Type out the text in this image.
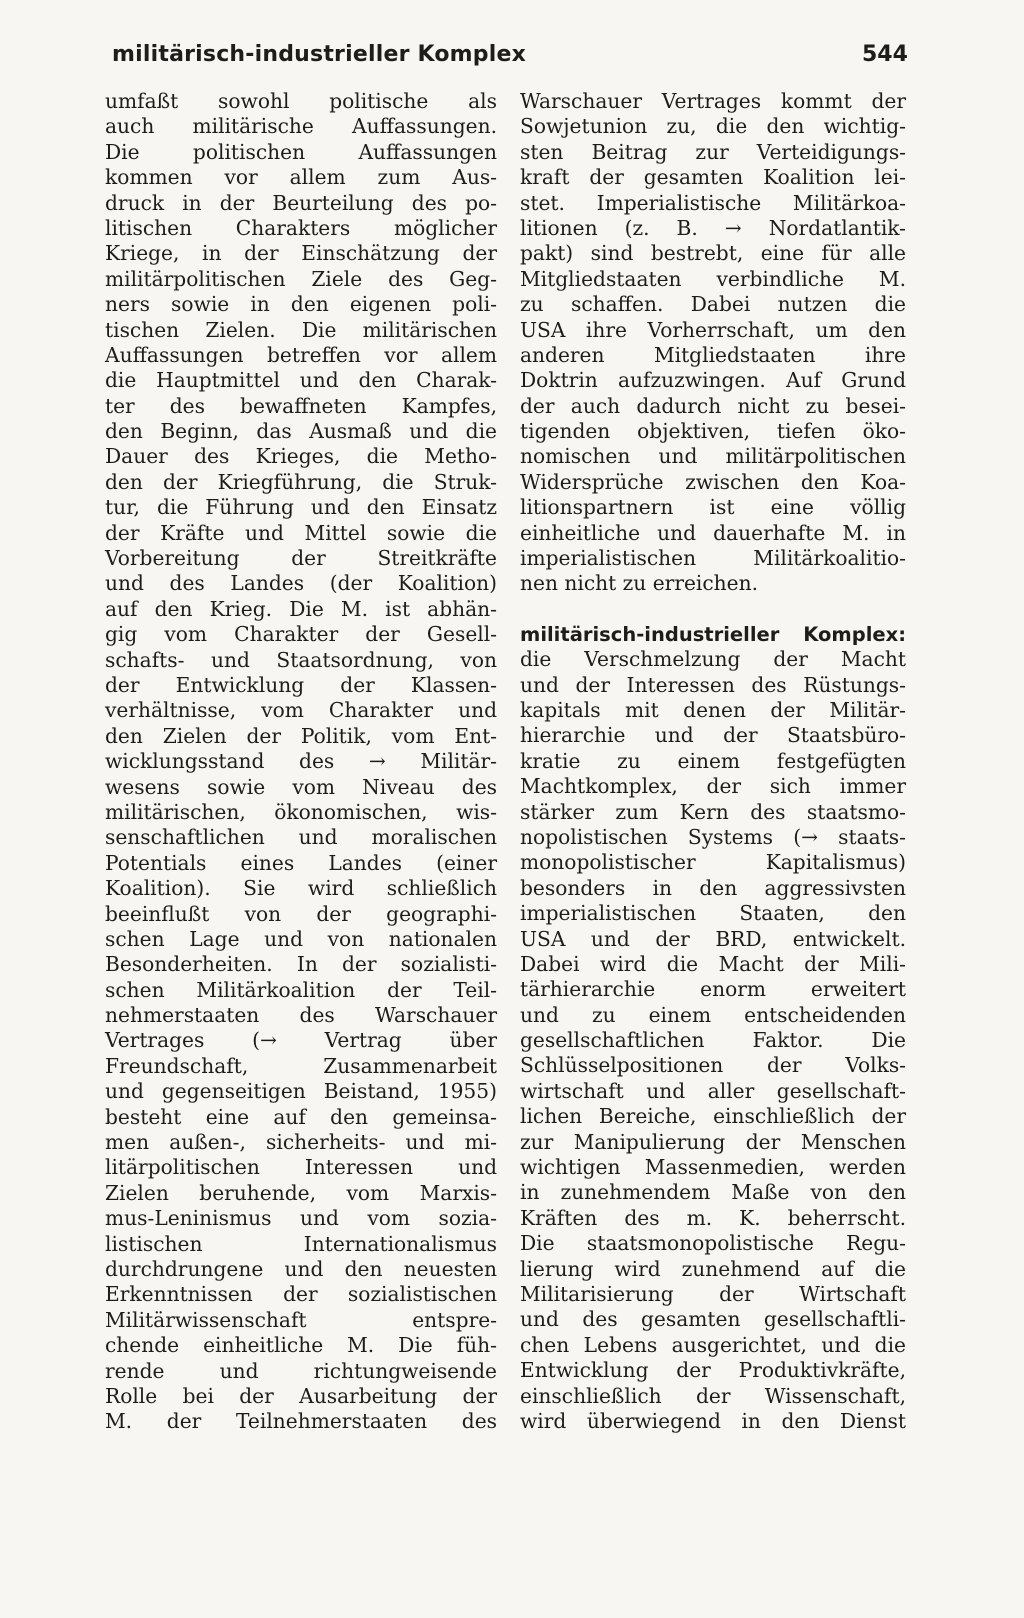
militärisch-industrieller Komplex	544
umfaßt sowohl politische als
auch militärische Auffassungen.
Die politischen Auffassungen
kommen vor allem zum Aus-
druck in der Beurteilung des po-
litischen Charakters möglicher
Kriege, in der Einschätzung der
militärpolitischen Ziele des Geg-
ners sowie in den eigenen poli-
tischen Zielen. Die militärischen
Auffassungen betreffen vor allem
die Hauptmittel und den Charak-
ter des bewaffneten Kampfes,
den Beginn, das Ausmaß und die
Dauer des Krieges, die Metho-
den der Kriegführung, die Struk-
tur, die Führung und den Einsatz
der Kräfte und Mittel sowie die
Vorbereitung der Streitkräfte
und des Landes (der Koalition)
auf den Krieg. Die M. ist abhän-
gig vom Charakter der Gesell-
schafts- und Staatsordnung, von
der Entwicklung der Klassen-
verhältnisse, vom Charakter und
den Zielen der Politik, vom Ent-
wicklungsstand des → Militär-
wesens sowie vom Niveau des
militärischen, ökonomischen, wis-
senschaftlichen und moralischen
Potentials eines Landes (einer
Koalition). Sie wird schließlich
beeinflußt von der geographi-
schen Lage und von nationalen
Besonderheiten. In der sozialisti-
schen Militärkoalition der Teil-
nehmerstaaten des Warschauer
Vertrages (→ Vertrag über
Freundschaft, Zusammenarbeit
und gegenseitigen Beistand, 1955)
besteht eine auf den gemeinsa-
men außen-, sicherheits- und mi-
litärpolitischen Interessen und
Zielen beruhende, vom Marxis-
mus-Leninismus und vom sozia-
listischen Internationalismus
durchdrungene und den neuesten
Erkenntnissen der sozialistischen
Militärwissenschaft entspre-
chende einheitliche M. Die füh-
rende und richtungweisende
Rolle bei der Ausarbeitung der
M. der Teilnehmerstaaten des
Warschauer Vertrages kommt der
Sowjetunion zu, die den wichtig-
sten Beitrag zur Verteidigungs-
kraft der gesamten Koalition lei-
stet. Imperialistische Militärkoa-
litionen (z. B. → Nordatlantik-
pakt) sind bestrebt, eine für alle
Mitgliedstaaten verbindliche M.
zu schaffen. Dabei nutzen die
USA ihre Vorherrschaft, um den
anderen Mitgliedstaaten ihre
Doktrin aufzuzwingen. Auf Grund
der auch dadurch nicht zu besei-
tigenden objektiven, tiefen öko-
nomischen und militärpolitischen
Widersprüche zwischen den Koa-
litionspartnern ist eine völlig
einheitliche und dauerhafte M. in
imperialistischen Militärkoalitio-
nen nicht zu erreichen.
militärisch-industrieller Komplex:
die Verschmelzung der Macht
und der Interessen des Rüstungs-
kapitals mit denen der Militär-
hierarchie und der Staatsbüro-
kratie zu einem festgefügten
Machtkomplex, der sich immer
stärker zum Kern des staatsmo-
nopolistischen Systems (→ staats-
monopolistischer Kapitalismus)
besonders in den aggressivsten
imperialistischen Staaten, den
USA und der BRD, entwickelt.
Dabei wird die Macht der Mili-
tärhierarchie enorm erweitert
und zu einem entscheidenden
gesellschaftlichen Faktor. Die
Schlüsselpositionen der Volks-
wirtschaft und aller gesellschaft-
lichen Bereiche, einschließlich der
zur Manipulierung der Menschen
wichtigen Massenmedien, werden
in zunehmendem Maße von den
Kräften des m. K. beherrscht.
Die staatsmonopolistische Regu-
lierung wird zunehmend auf die
Militarisierung der Wirtschaft
und des gesamten gesellschaftli-
chen Lebens ausgerichtet, und die
Entwicklung der Produktivkräfte,
einschließlich der Wissenschaft,
wird überwiegend in den Dienst
